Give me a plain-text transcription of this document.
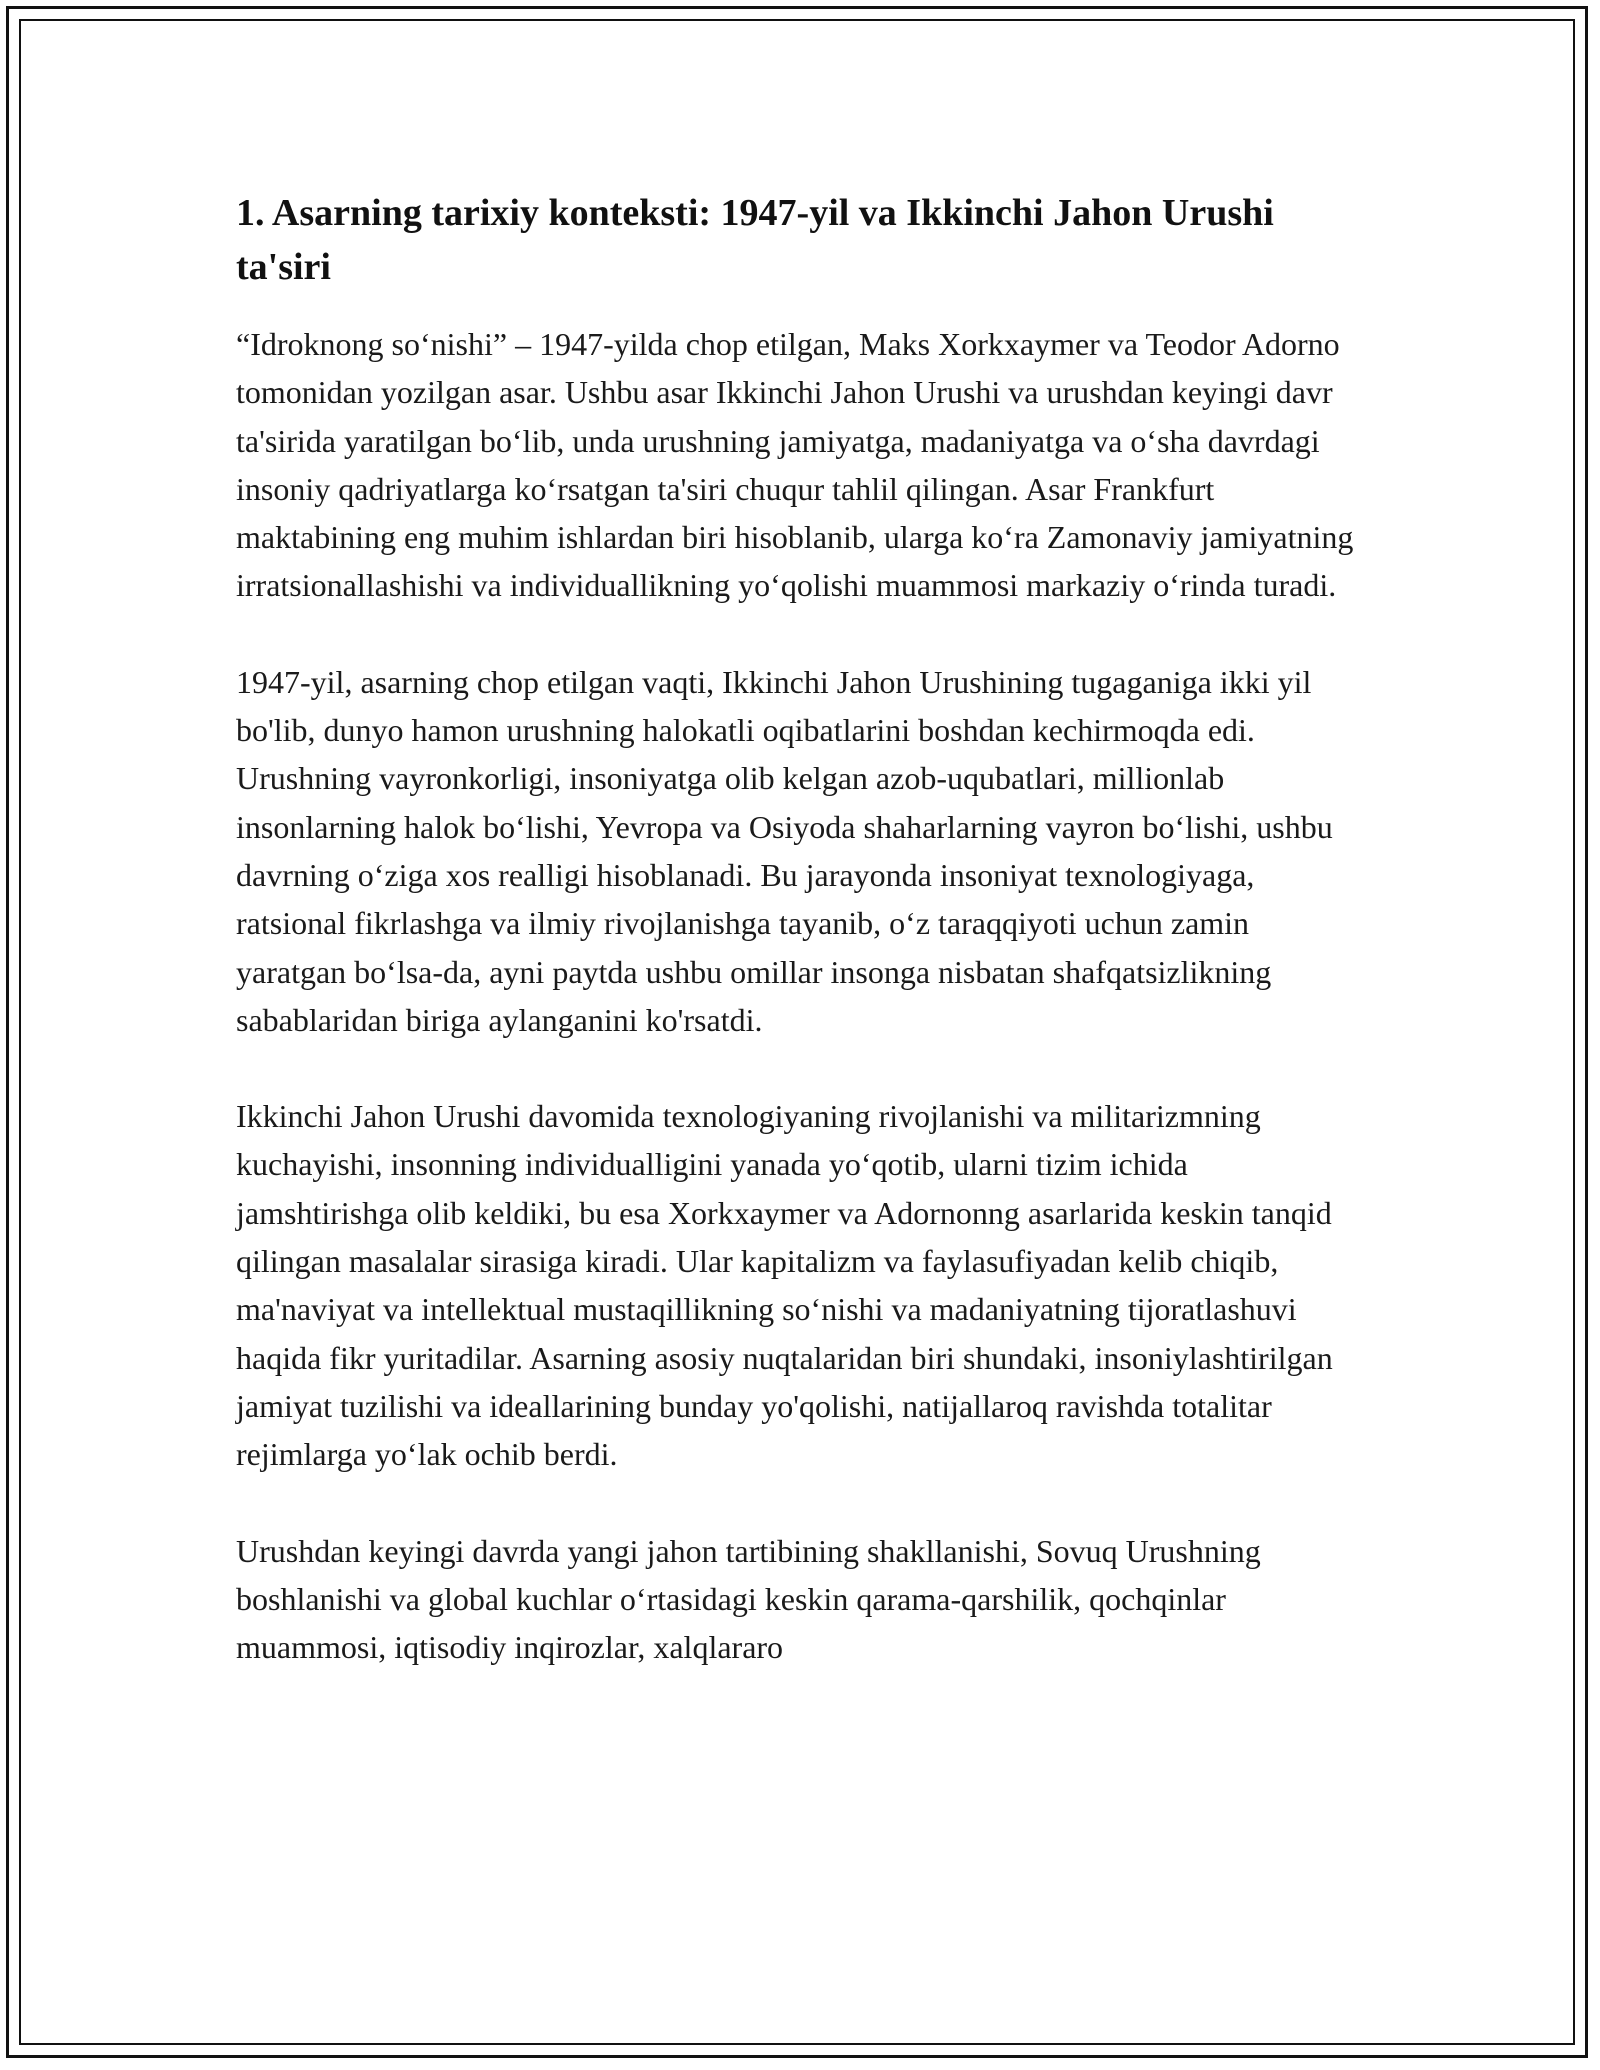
1. Asarning tarixiy konteksti: 1947-yil va Ikkinchi Jahon Urushi ta'siri

“Idroknong so‘nishi” – 1947-yilda chop etilgan, Maks Xorkxaymer va Teodor Adorno tomonidan yozilgan asar. Ushbu asar Ikkinchi Jahon Urushi va urushdan keyingi davr ta'sirida yaratilgan bo‘lib, unda urushning jamiyatga, madaniyatga va o‘sha davrdagi insoniy qadriyatlarga ko‘rsatgan ta'siri chuqur tahlil qilingan. Asar Frankfurt maktabining eng muhim ishlardan biri hisoblanib, ularga ko‘ra Zamonaviy jamiyatning irratsionallashishi va individuallikning yo‘qolishi muammosi markaziy o‘rinda turadi.

1947-yil, asarning chop etilgan vaqti, Ikkinchi Jahon Urushining tugaganiga ikki yil bo'lib, dunyo hamon urushning halokatli oqibatlarini boshdan kechirmoqda edi. Urushning vayronkorligi, insoniyatga olib kelgan azob-uqubatlari, millionlab insonlarning halok bo‘lishi, Yevropa va Osiyoda shaharlarning vayron bo‘lishi, ushbu davrning o‘ziga xos realligi hisoblanadi. Bu jarayonda insoniyat texnologiyaga, ratsional fikrlashga va ilmiy rivojlanishga tayanib, o‘z taraqqiyoti uchun zamin yaratgan bo‘lsa-da, ayni paytda ushbu omillar insonga nisbatan shafqatsizlikning sabablaridan biriga aylanganini ko'rsatdi.

Ikkinchi Jahon Urushi davomida texnologiyaning rivojlanishi va militarizmning kuchayishi, insonning individualligini yanada yo‘qotib, ularni tizim ichida jamshtirishga olib keldiki, bu esa Xorkxaymer va Adornonng asarlarida keskin tanqid qilingan masalalar sirasiga kiradi. Ular kapitalizm va faylasufiyadan kelib chiqib, ma'naviyat va intellektual mustaqillikning so‘nishi va madaniyatning tijoratlashuvi haqida fikr yuritadilar. Asarning asosiy nuqtalaridan biri shundaki, insoniylashtirilgan jamiyat tuzilishi va ideallarining bunday yo'qolishi, natijallaroq ravishda totalitar rejimlarga yo‘lak ochib berdi.

Urushdan keyingi davrda yangi jahon tartibining shakllanishi, Sovuq Urushning boshlanishi va global kuchlar o‘rtasidagi keskin qarama-qarshilik, qochqinlar muammosi, iqtisodiy inqirozlar, xalqlararo
